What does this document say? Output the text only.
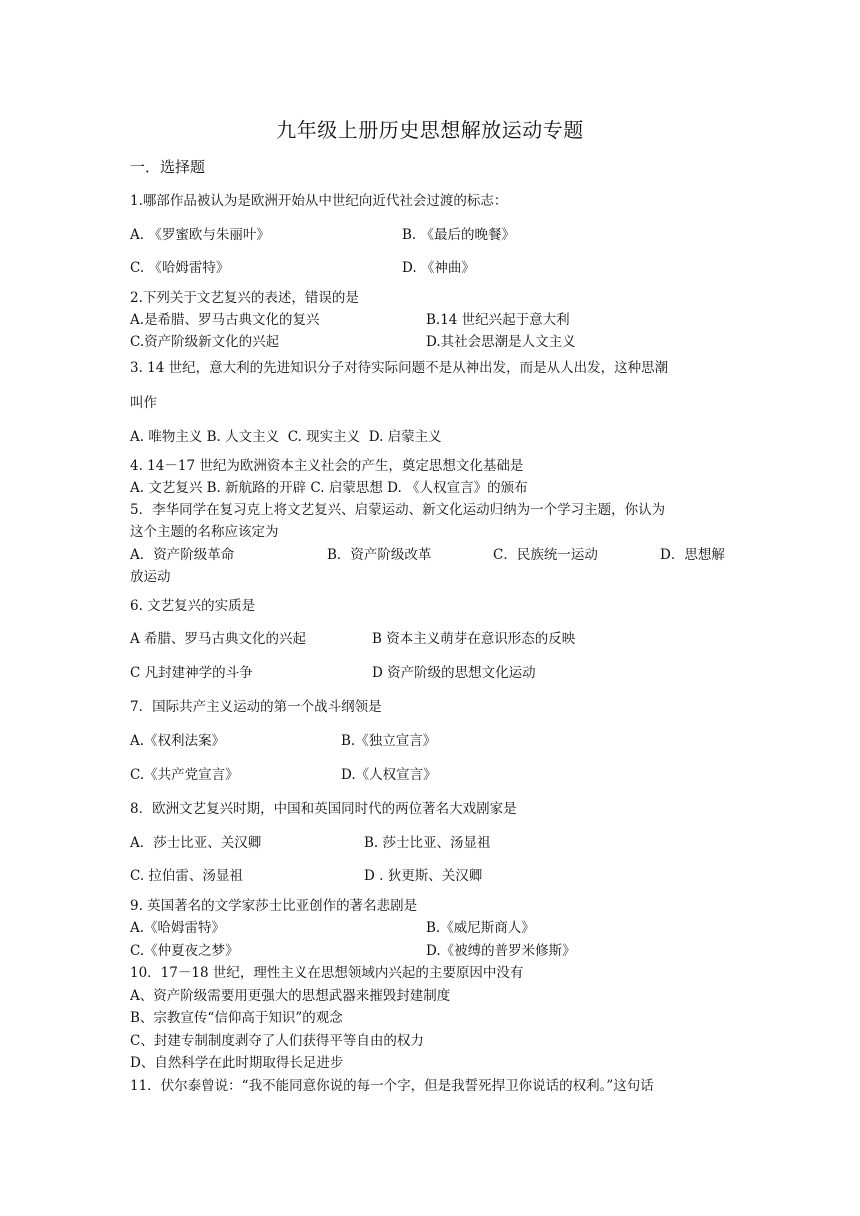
九年级上册历史思想解放运动专题
一．选择题
1.哪部作品被认为是欧洲开始从中世纪向近代社会过渡的标志：
A. 《罗蜜欧与朱丽叶》	B. 《最后的晚餐》
C. 《哈姆雷特》	D. 《神曲》
2.下列关于文艺复兴的表述，错误的是
A.是希腊、罗马古典文化的复兴	B.14 世纪兴起于意大利
C.资产阶级新文化的兴起	D.其社会思潮是人文主义
3. 14 世纪，意大利的先进知识分子对待实际问题不是从神出发，而是从人出发，这种思潮
叫作
A. 唯物主义 B. 人文主义  C. 现实主义  D. 启蒙主义
4. 14－17 世纪为欧洲资本主义社会的产生，奠定思想文化基础是
A. 文艺复兴 B. 新航路的开辟 C. 启蒙思想 D. 《人权宣言》的颁布
5．李华同学在复习克上将文艺复兴、启蒙运动、新文化运动归纳为一个学习主题，你认为
这个主题的名称应该定为
A．资产阶级革命	B．资产阶级改革	C．民族统一运动	D．思想解
放运动
6. 文艺复兴的实质是
A 希腊、罗马古典文化的兴起	B 资本主义萌芽在意识形态的反映
C 凡封建神学的斗争	D 资产阶级的思想文化运动
7．国际共产主义运动的第一个战斗纲领是
A.《权利法案》	B.《独立宣言》
C.《共产党宣言》	D.《人权宣言》
8．欧洲文艺复兴时期，中国和英国同时代的两位著名大戏剧家是
A．莎士比亚、关汉卿	B. 莎士比亚、汤显祖
C. 拉伯雷、汤显祖	D . 狄更斯、关汉卿
9. 英国著名的文学家莎士比亚创作的著名悲剧是
A.《哈姆雷特》	B.《威尼斯商人》
C.《仲夏夜之梦》	D.《被缚的普罗米修斯》
10．17－18 世纪，理性主义在思想领域内兴起的主要原因中没有
A、资产阶级需要用更强大的思想武器来摧毁封建制度
B、宗教宣传“信仰高于知识”的观念
C、封建专制制度剥夺了人们获得平等自由的权力
D、自然科学在此时期取得长足进步
11．伏尔泰曾说：“我不能同意你说的每一个字，但是我誓死捍卫你说话的权利。”这句话
